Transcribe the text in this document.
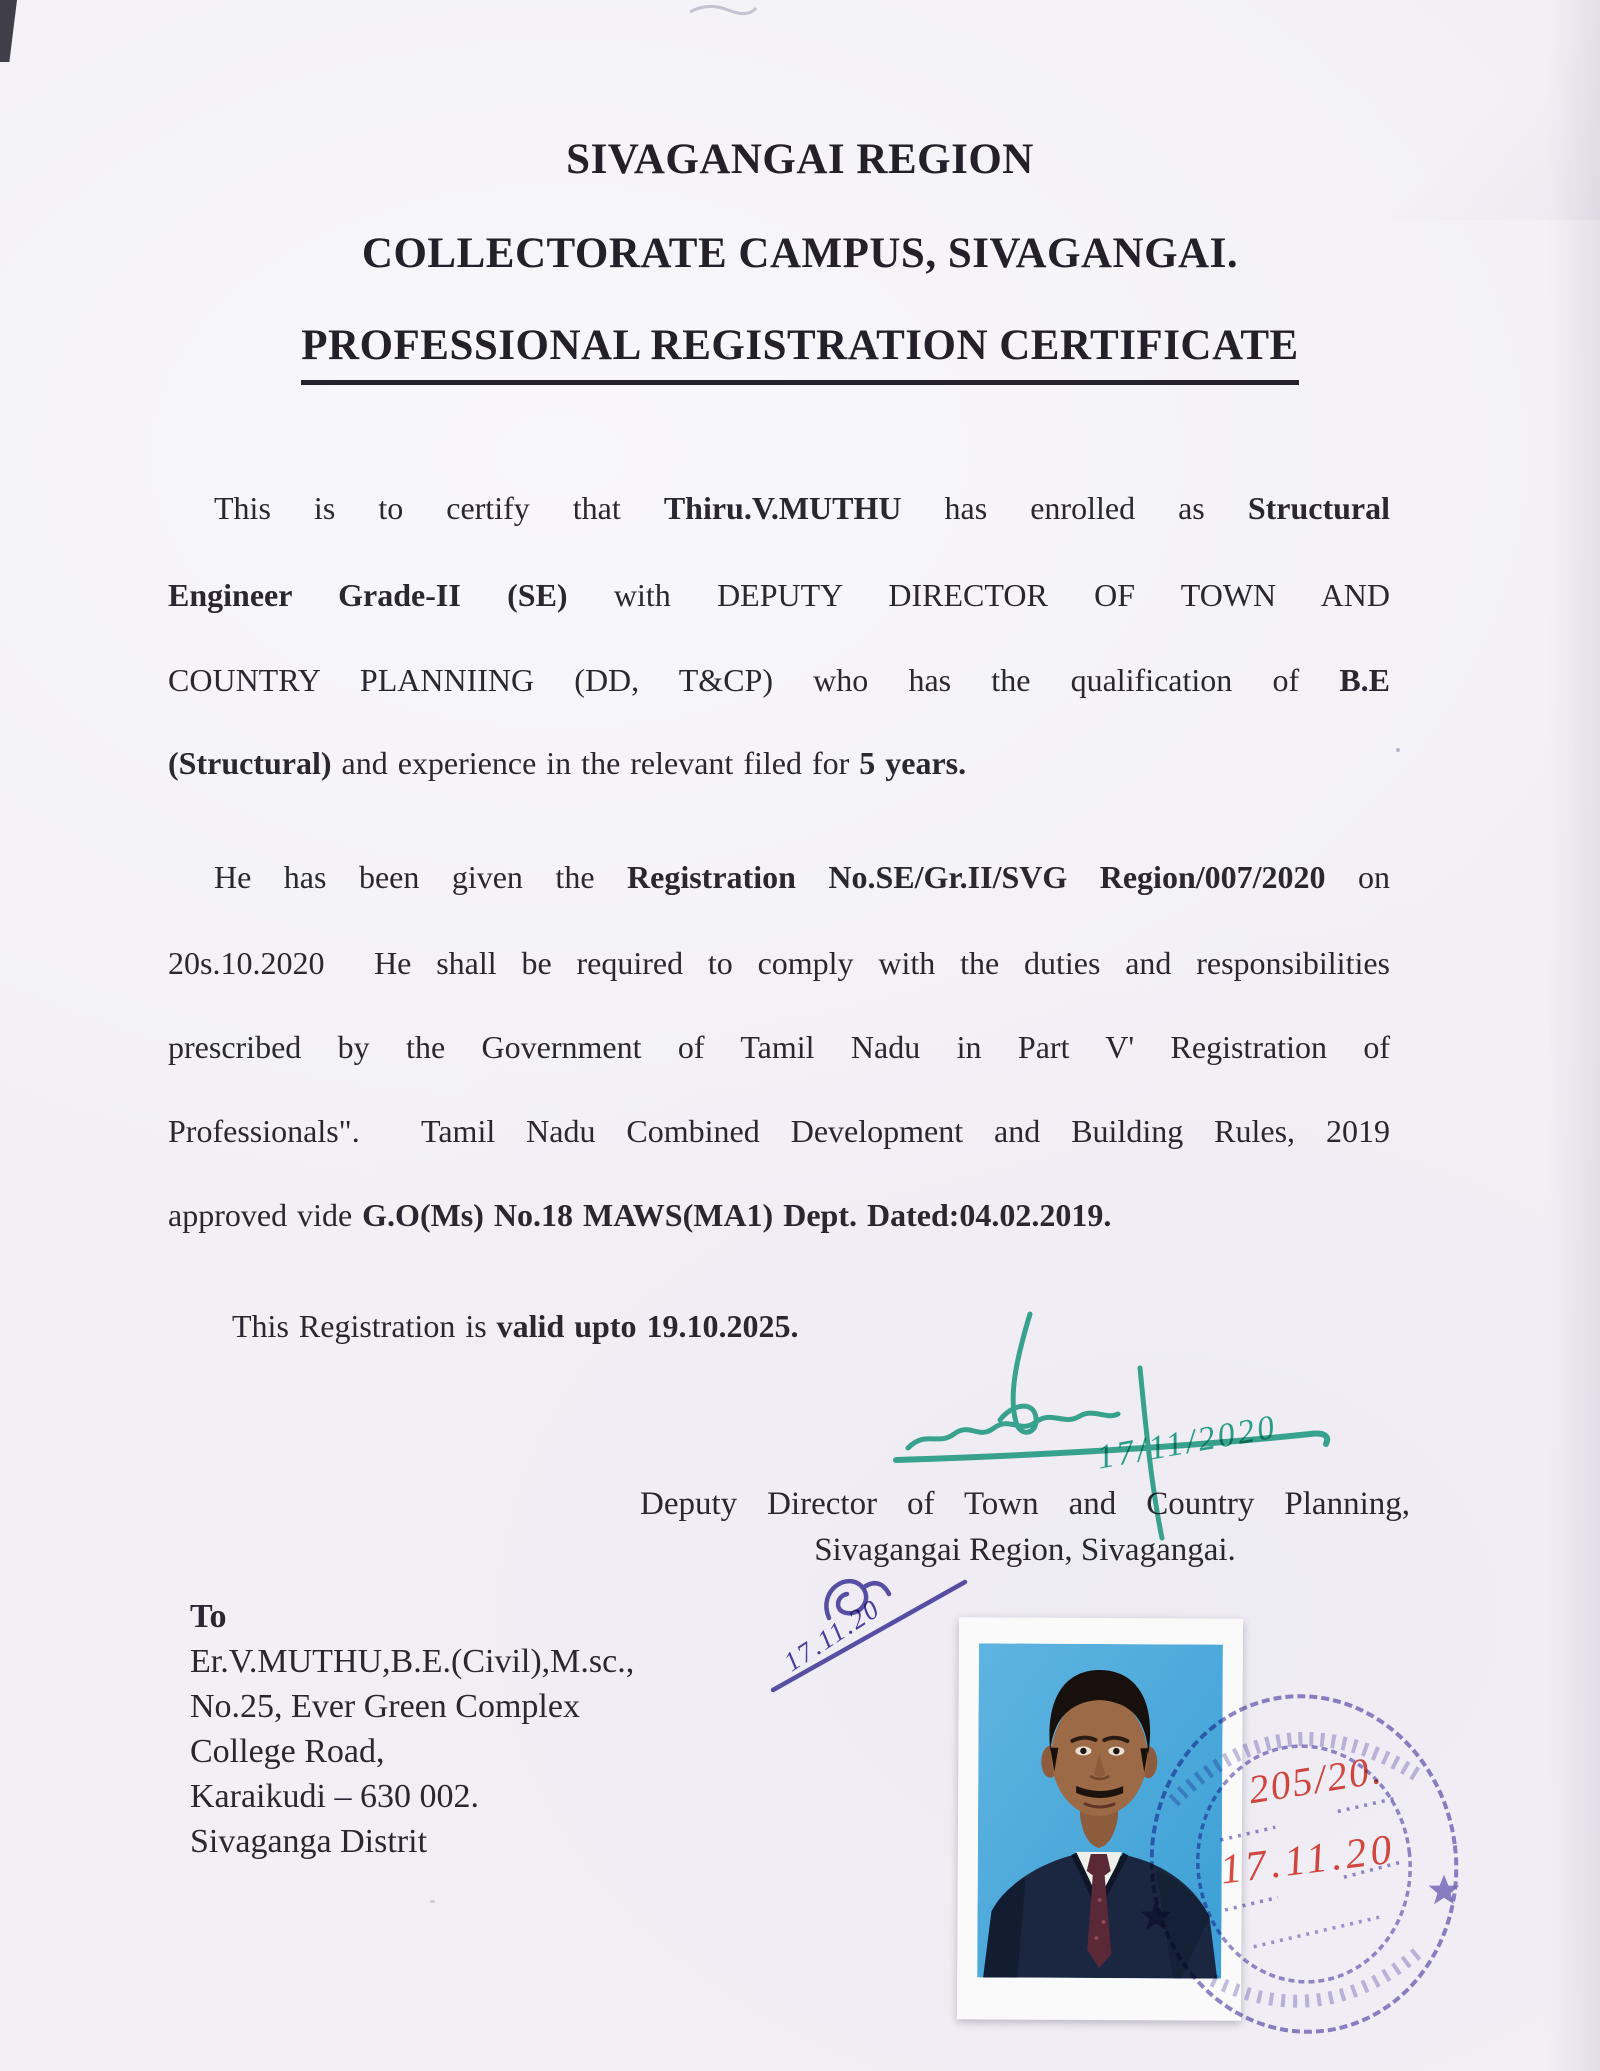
SIVAGANGAI REGION
COLLECTORATE CAMPUS, SIVAGANGAI.
PROFESSIONAL REGISTRATION CERTIFICATE
This is to certify that Thiru.V.MUTHU has enrolled as Structural
Engineer Grade-II (SE) with DEPUTY DIRECTOR OF TOWN AND
COUNTRY PLANNIING (DD, T&CP) who has the qualification of B.E
(Structural) and experience in the relevant filed for 5 years.
He has been given the Registration No.SE/Gr.II/SVG Region/007/2020 on
20s.10.2020  He shall be required to comply with the duties and responsibilities
prescribed by the Government of Tamil Nadu in Part V' Registration of
Professionals".  Tamil Nadu Combined Development and Building Rules, 2019
approved vide G.O(Ms) No.18 MAWS(MA1) Dept. Dated:04.02.2019.
This Registration is valid upto 19.10.2025.
17/11/2020
Deputy Director of Town and Country Planning,
Sivagangai Region, Sivagangai.
17.11.20
To
Er.V.MUTHU,B.E.(Civil),M.sc.,
No.25, Ever Green Complex
College Road,
Karaikudi – 630 002.
Sivaganga Distrit
205/20.
17.11.20
